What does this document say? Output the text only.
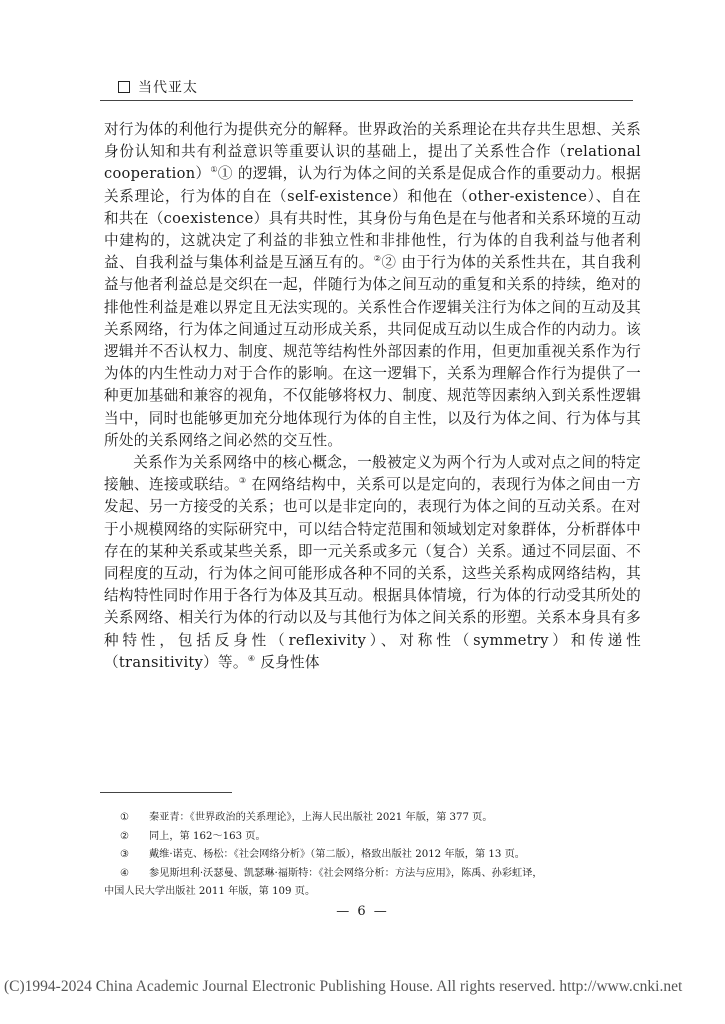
当代亚太

对行为体的利他行为提供充分的解释。世界政治的关系理论在共存共生思想、关系身份认知和共有利益意识等重要认识的基础上，提出了关系性合作（relational cooperation）①① 的逻辑，认为行为体之间的关系是促成合作的重要动力。根据关系理论，行为体的自在（self-existence）和他在（other-existence）、自在和共在（coexistence）具有共时性，其身份与角色是在与他者和关系环境的互动中建构的，这就决定了利益的非独立性和非排他性，行为体的自我利益与他者利益、自我利益与集体利益是互涵互有的。②② 由于行为体的关系性共在，其自我利益与他者利益总是交织在一起，伴随行为体之间互动的重复和关系的持续，绝对的排他性利益是难以界定且无法实现的。关系性合作逻辑关注行为体之间的互动及其关系网络，行为体之间通过互动形成关系，共同促成互动以生成合作的内动力。该逻辑并不否认权力、制度、规范等结构性外部因素的作用，但更加重视关系作为行为体的内生性动力对于合作的影响。在这一逻辑下，关系为理解合作行为提供了一种更加基础和兼容的视角，不仅能够将权力、制度、规范等因素纳入到关系性逻辑当中，同时也能够更加充分地体现行为体的自主性，以及行为体之间、行为体与其所处的关系网络之间必然的交互性。

关系作为关系网络中的核心概念，一般被定义为两个行为人或对点之间的特定接触、连接或联结。③ 在网络结构中，关系可以是定向的，表现行为体之间由一方发起、另一方接受的关系；也可以是非定向的，表现行为体之间的互动关系。在对于小规模网络的实际研究中，可以结合特定范围和领域划定对象群体，分析群体中存在的某种关系或某些关系，即一元关系或多元（复合）关系。通过不同层面、不同程度的互动，行为体之间可能形成各种不同的关系，这些关系构成网络结构，其结构特性同时作用于各行为体及其互动。根据具体情境，行为体的行动受其所处的关系网络、相关行为体的行动以及与其他行为体之间关系的形塑。关系本身具有多种特性，包括反身性（reflexivity）、对称性（symmetry）和传递性（transitivity）等。④ 反身性体

①	秦亚青：《世界政治的关系理论》，上海人民出版社 2021 年版，第 377 页。
②	同上，第 162～163 页。
③	戴维·诺克、杨松：《社会网络分析》（第二版），格致出版社 2012 年版，第 13 页。
④	参见斯坦利·沃瑟曼、凯瑟琳·福斯特：《社会网络分析：方法与应用》，陈禹、孙彩虹译，
中国人民大学出版社 2011 年版，第 109 页。
— 6 —
(C)1994-2024 China Academic Journal Electronic Publishing House. All rights reserved. http://www.cnki.net
